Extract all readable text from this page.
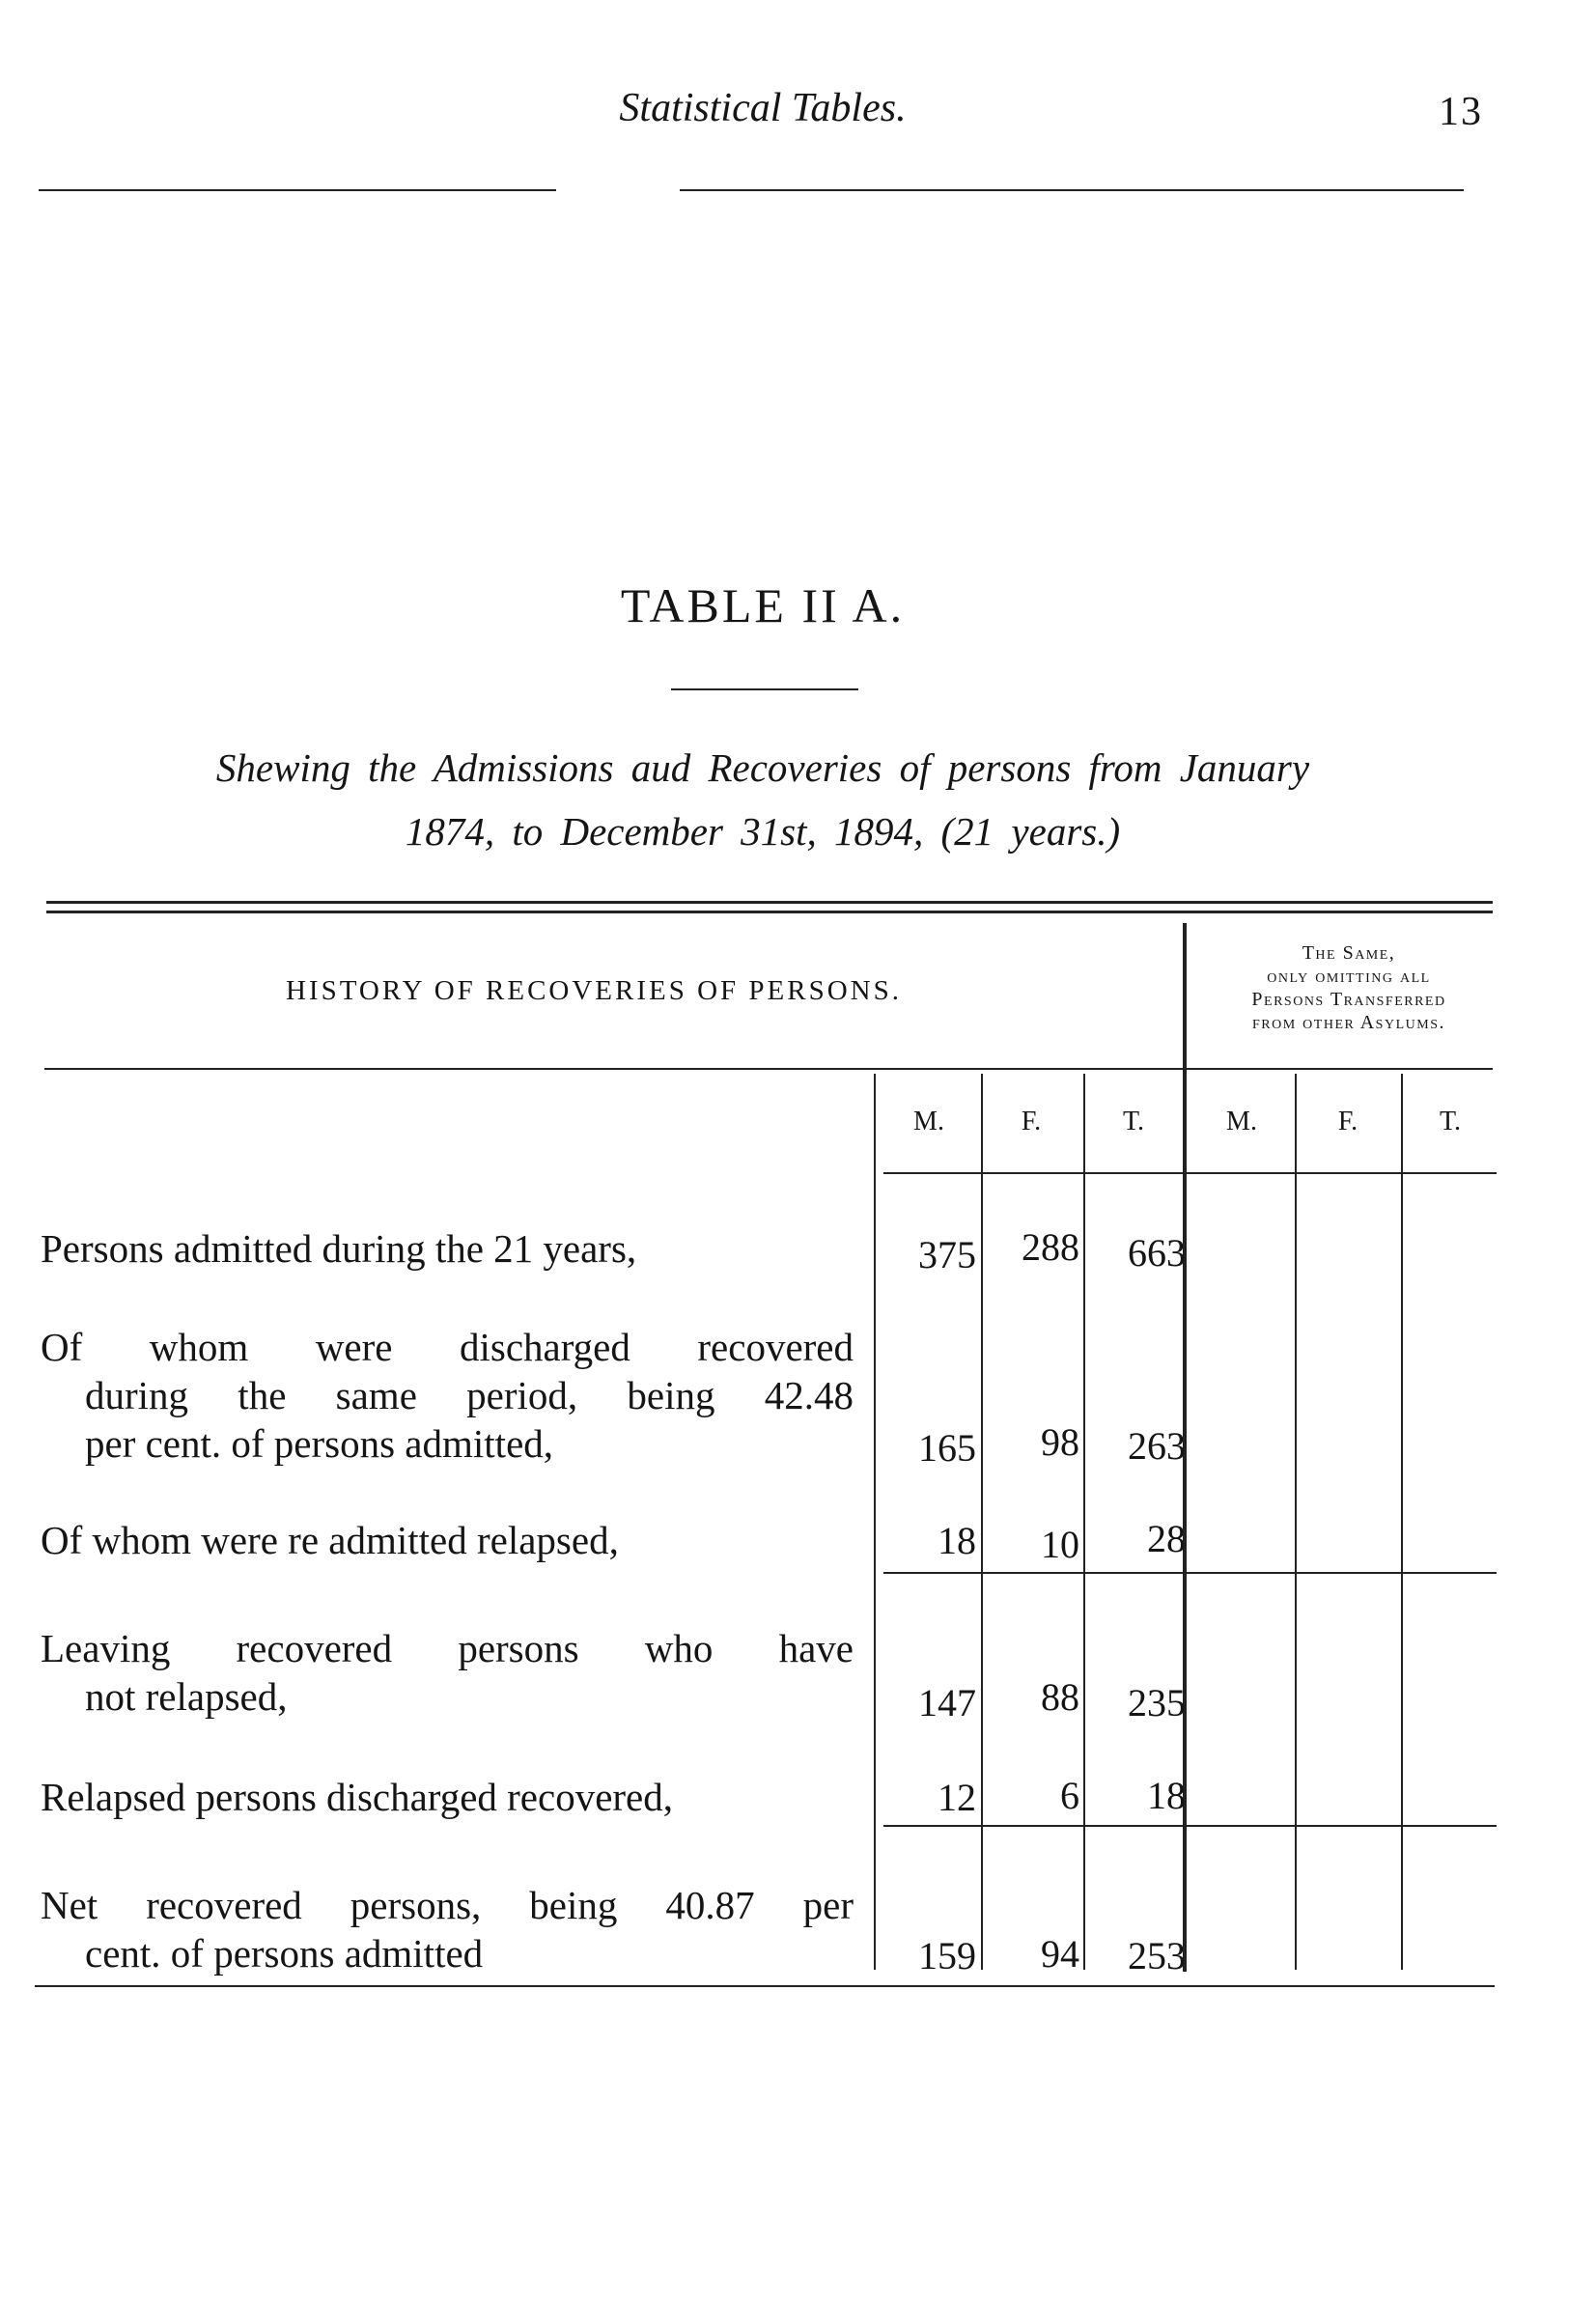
Statistical Tables.	13
TABLE II A.
Shewing the Admissions aud Recoveries of persons from January
1874, to December 31st, 1894, (21 years.)
HISTORY OF RECOVERIES OF PERSONS.
The Same,
only omitting all
Persons Transferred
from other Asylums.
M.	F.	T.	M.	F.	T.
Persons admitted during the 21 years,	375	288	663
Of whom were discharged recovered
during the same period, being 42.48
per cent. of persons admitted,	165	98	263
Of whom were re admitted relapsed,	18	10	28
Leaving recovered persons who have
not relapsed,	147	88	235
Relapsed persons discharged recovered,	12	6	18
Net recovered persons, being 40.87 per
cent. of persons admitted	159	94	253
